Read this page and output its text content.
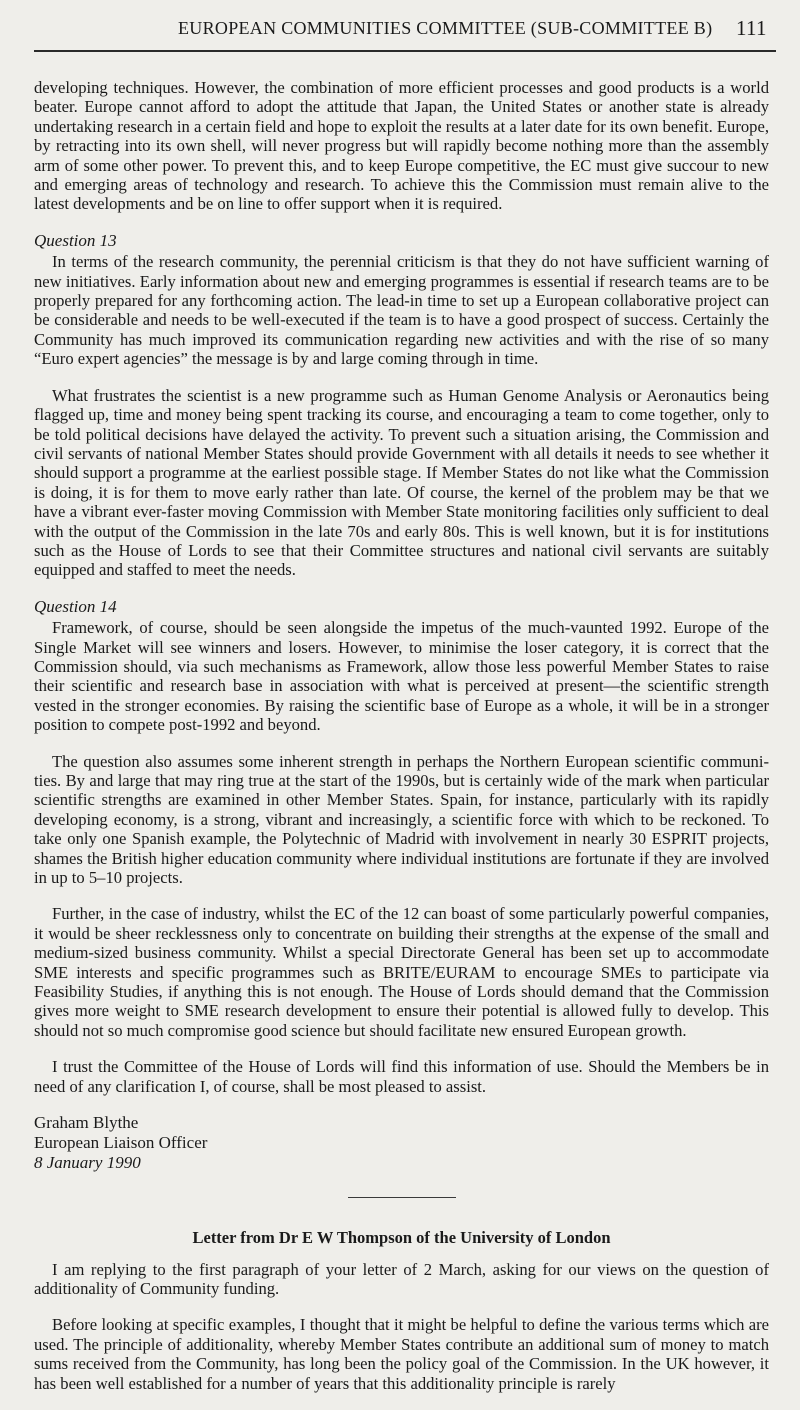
EUROPEAN COMMUNITIES COMMITTEE (SUB-COMMITTEE B) 111

developing techniques. However, the combination of more efficient processes and good products is a world beater. Europe cannot afford to adopt the attitude that Japan, the United States or another state is already undertaking research in a certain field and hope to exploit the results at a later date for its own benefit. Europe, by retracting into its own shell, will never progress but will rapidly become nothing more than the assembly arm of some other power. To prevent this, and to keep Europe competitive, the EC must give succour to new and emerging areas of technology and research. To achieve this the Commission must remain alive to the latest developments and be on line to offer support when it is required.

Question 13

In terms of the research community, the perennial criticism is that they do not have sufficient warning of new initiatives. Early information about new and emerging programmes is essential if research teams are to be properly prepared for any forthcoming action. The lead-in time to set up a European collaborative project can be considerable and needs to be well-executed if the team is to have a good prospect of success. Certainly the Community has much improved its communication regarding new activities and with the rise of so many “Euro expert agencies” the message is by and large coming through in time.

What frustrates the scientist is a new programme such as Human Genome Analysis or Aeronautics being flagged up, time and money being spent tracking its course, and encouraging a team to come together, only to be told political decisions have delayed the activity. To prevent such a situation arising, the Commission and civil servants of national Member States should provide Government with all details it needs to see whether it should support a programme at the earliest possible stage. If Member States do not like what the Commission is doing, it is for them to move early rather than late. Of course, the kernel of the problem may be that we have a vibrant ever-faster moving Commission with Member State monitoring facilities only sufficient to deal with the output of the Commission in the late 70s and early 80s. This is well known, but it is for institutions such as the House of Lords to see that their Committee structures and national civil servants are suitably equipped and staffed to meet the needs.

Question 14

Framework, of course, should be seen alongside the impetus of the much-vaunted 1992. Europe of the Single Market will see winners and losers. However, to minimise the loser category, it is correct that the Commission should, via such mechanisms as Framework, allow those less powerful Member States to raise their scientific and research base in association with what is perceived at present—the scientific strength vested in the stronger economies. By raising the scientific base of Europe as a whole, it will be in a stronger position to compete post-1992 and beyond.

The question also assumes some inherent strength in perhaps the Northern European scientific communities. By and large that may ring true at the start of the 1990s, but is certainly wide of the mark when particular scientific strengths are examined in other Member States. Spain, for instance, particularly with its rapidly developing economy, is a strong, vibrant and increasingly, a scientific force with which to be reckoned. To take only one Spanish example, the Polytechnic of Madrid with involvement in nearly 30 ESPRIT projects, shames the British higher education community where individual institutions are fortunate if they are involved in up to 5–10 projects.

Further, in the case of industry, whilst the EC of the 12 can boast of some particularly powerful companies, it would be sheer recklessness only to concentrate on building their strengths at the expense of the small and medium-sized business community. Whilst a special Directorate General has been set up to accommodate SME interests and specific programmes such as BRITE/EURAM to encourage SMEs to participate via Feasibility Studies, if anything this is not enough. The House of Lords should demand that the Commission gives more weight to SME research development to ensure their potential is allowed fully to develop. This should not so much compromise good science but should facilitate new ensured European growth.

I trust the Committee of the House of Lords will find this information of use. Should the Members be in need of any clarification I, of course, shall be most pleased to assist.

Graham Blythe
European Liaison Officer
8 January 1990
Letter from Dr E W Thompson of the University of London

I am replying to the first paragraph of your letter of 2 March, asking for our views on the question of additionality of Community funding.

Before looking at specific examples, I thought that it might be helpful to define the various terms which are used. The principle of additionality, whereby Member States contribute an additional sum of money to match sums received from the Community, has long been the policy goal of the Commission. In the UK however, it has been well established for a number of years that this additionality principle is rarely
